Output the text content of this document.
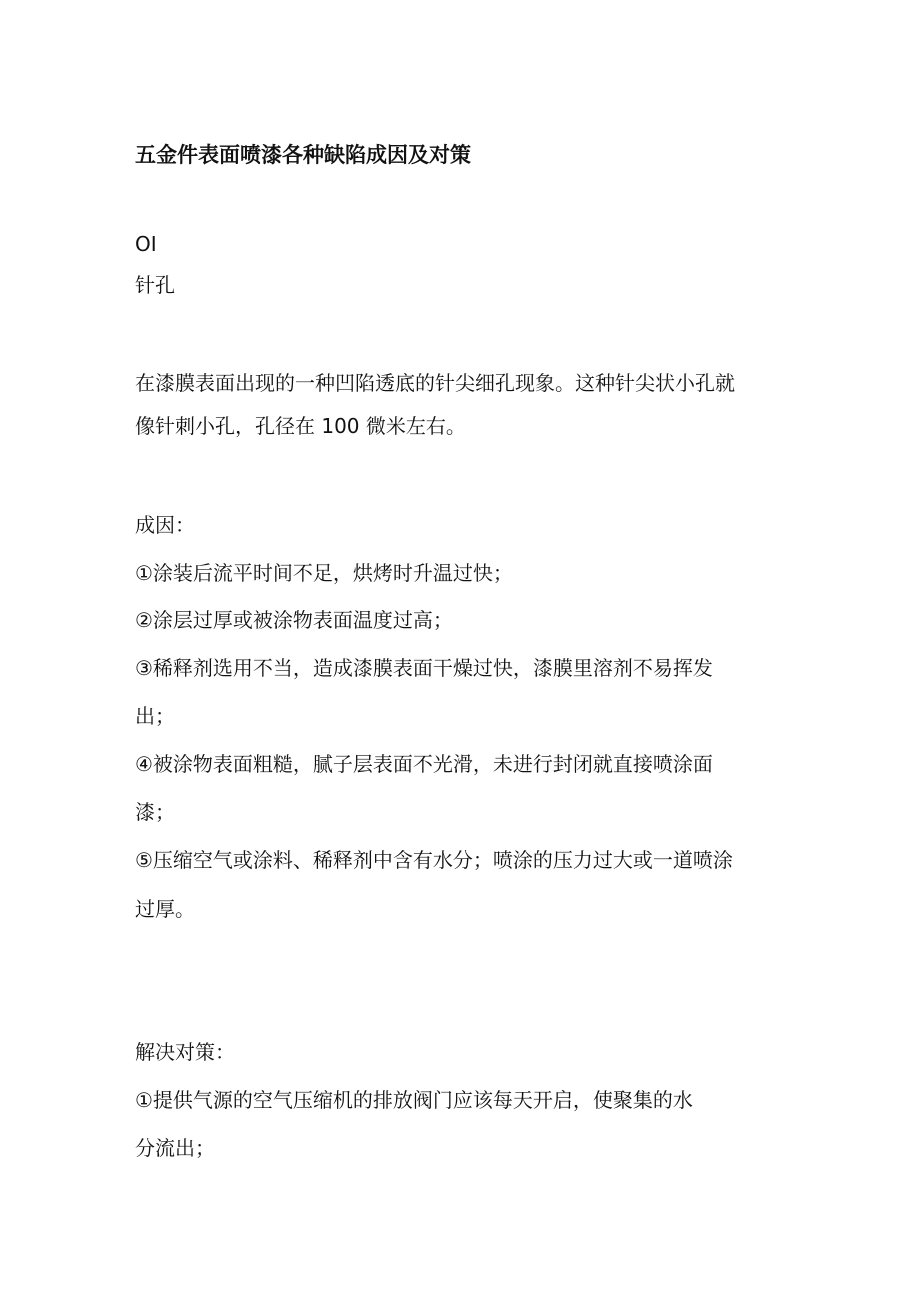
五金件表面喷漆各种缺陷成因及对策
OI
针孔
在漆膜表面出现的一种凹陷透底的针尖细孔现象。这种针尖状小孔就
像针刺小孔，孔径在 100 微米左右。
成因：
①涂装后流平时间不足，烘烤时升温过快；
②涂层过厚或被涂物表面温度过高；
③稀释剂选用不当，造成漆膜表面干燥过快，漆膜里溶剂不易挥发
出；
④被涂物表面粗糙，腻子层表面不光滑，未进行封闭就直接喷涂面
漆；
⑤压缩空气或涂料、稀释剂中含有水分；喷涂的压力过大或一道喷涂
过厚。
解决对策：
①提供气源的空气压缩机的排放阀门应该每天开启，使聚集的水
分流出；
